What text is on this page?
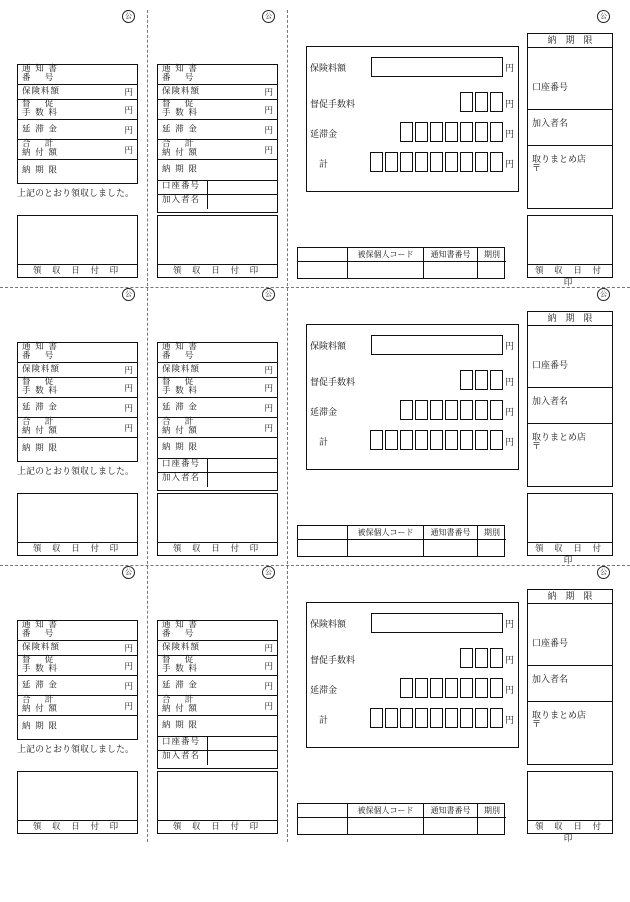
公	公	公
通 知 書
番　 号
保険料額	円
督　 促
手 数 料	円
延 滞 金	円
合　 計
納 付 額	円
納 期 限
上記のとおり領収しました。
領 収 日 付 印
通 知 書
番　 号
保険料額	円
督　 促
手 数 料	円
延 滞 金	円
合　 計
納 付 額	円
納 期 限
口座番号
加入者名
領 収 日 付 印
保険料額	円
督促手数料	円
延滞金	円
計	円
被保個人コード	通知書番号	期別
納　期　限
口座番号
加入者名
取りまとめ店
〒
領 収 日 付 印
公	公	公
通 知 書
番　 号
保険料額	円
督　 促
手 数 料	円
延 滞 金	円
合　 計
納 付 額	円
納 期 限
上記のとおり領収しました。
領 収 日 付 印
通 知 書
番　 号
保険料額	円
督　 促
手 数 料	円
延 滞 金	円
合　 計
納 付 額	円
納 期 限
口座番号
加入者名
領 収 日 付 印
保険料額	円
督促手数料	円
延滞金	円
計	円
被保個人コード	通知書番号	期別
納　期　限
口座番号
加入者名
取りまとめ店
〒
領 収 日 付 印
公	公	公
通 知 書
番　 号
保険料額	円
督　 促
手 数 料	円
延 滞 金	円
合　 計
納 付 額	円
納 期 限
上記のとおり領収しました。
領 収 日 付 印
通 知 書
番　 号
保険料額	円
督　 促
手 数 料	円
延 滞 金	円
合　 計
納 付 額	円
納 期 限
口座番号
加入者名
領 収 日 付 印
保険料額	円
督促手数料	円
延滞金	円
計	円
被保個人コード	通知書番号	期別
納　期　限
口座番号
加入者名
取りまとめ店
〒
領 収 日 付 印
